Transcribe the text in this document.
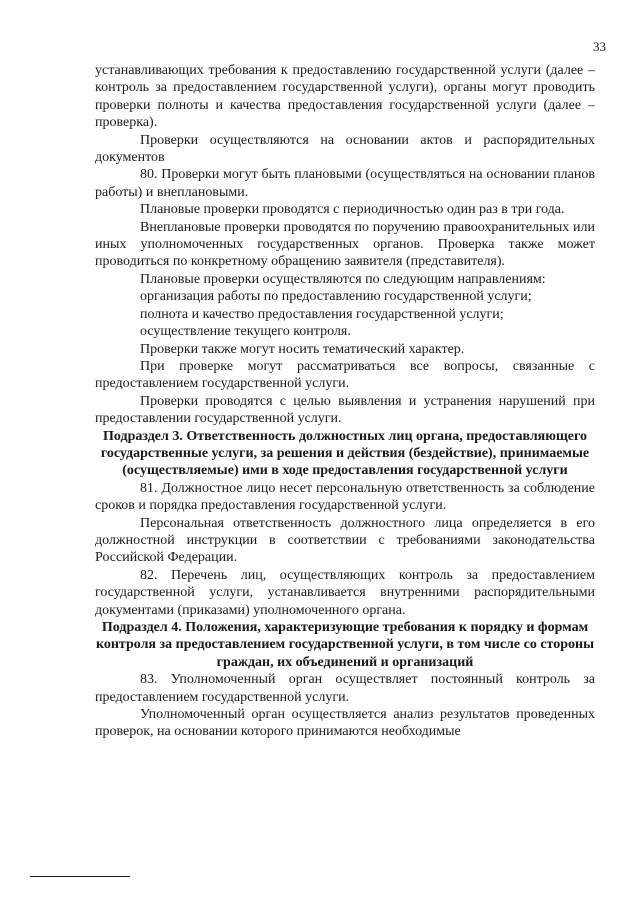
33

устанавливающих требования к предоставлению государственной услуги (далее – контроль за предоставлением государственной услуги), органы могут проводить проверки полноты и качества предоставления государственной услуги (далее – проверка).

Проверки осуществляются на основании актов и распорядительных документов

80. Проверки могут быть плановыми (осуществляться на основании планов работы) и внеплановыми.

Плановые проверки проводятся с периодичностью один раз в три года.

Внеплановые проверки проводятся по поручению правоохранительных или иных уполномоченных государственных органов. Проверка также может проводиться по конкретному обращению заявителя (представителя).

Плановые проверки осуществляются по следующим направлениям:

организация работы по предоставлению государственной услуги;

полнота и качество предоставления государственной услуги;

осуществление текущего контроля.

Проверки также могут носить тематический характер.

При проверке могут рассматриваться все вопросы, связанные с предоставлением государственной услуги.

Проверки проводятся с целью выявления и устранения нарушений при предоставлении государственной услуги.

Подраздел 3. Ответственность должностных лиц органа, предоставляющего государственные услуги, за решения и действия (бездействие), принимаемые (осуществляемые) ими в ходе предоставления государственной услуги

81. Должностное лицо несет персональную ответственность за соблюдение сроков и порядка предоставления государственной услуги.

Персональная ответственность должностного лица определяется в его должностной инструкции в соответствии с требованиями законодательства Российской Федерации.

82. Перечень лиц, осуществляющих контроль за предоставлением государственной услуги, устанавливается внутренними распорядительными документами (приказами) уполномоченного органа.

Подраздел 4. Положения, характеризующие требования к порядку и формам контроля за предоставлением государственной услуги, в том числе со стороны граждан, их объединений и организаций

83. Уполномоченный орган осуществляет постоянный контроль за предоставлением государственной услуги.

Уполномоченный орган осуществляется анализ результатов проведенных проверок, на основании которого принимаются необходимые
